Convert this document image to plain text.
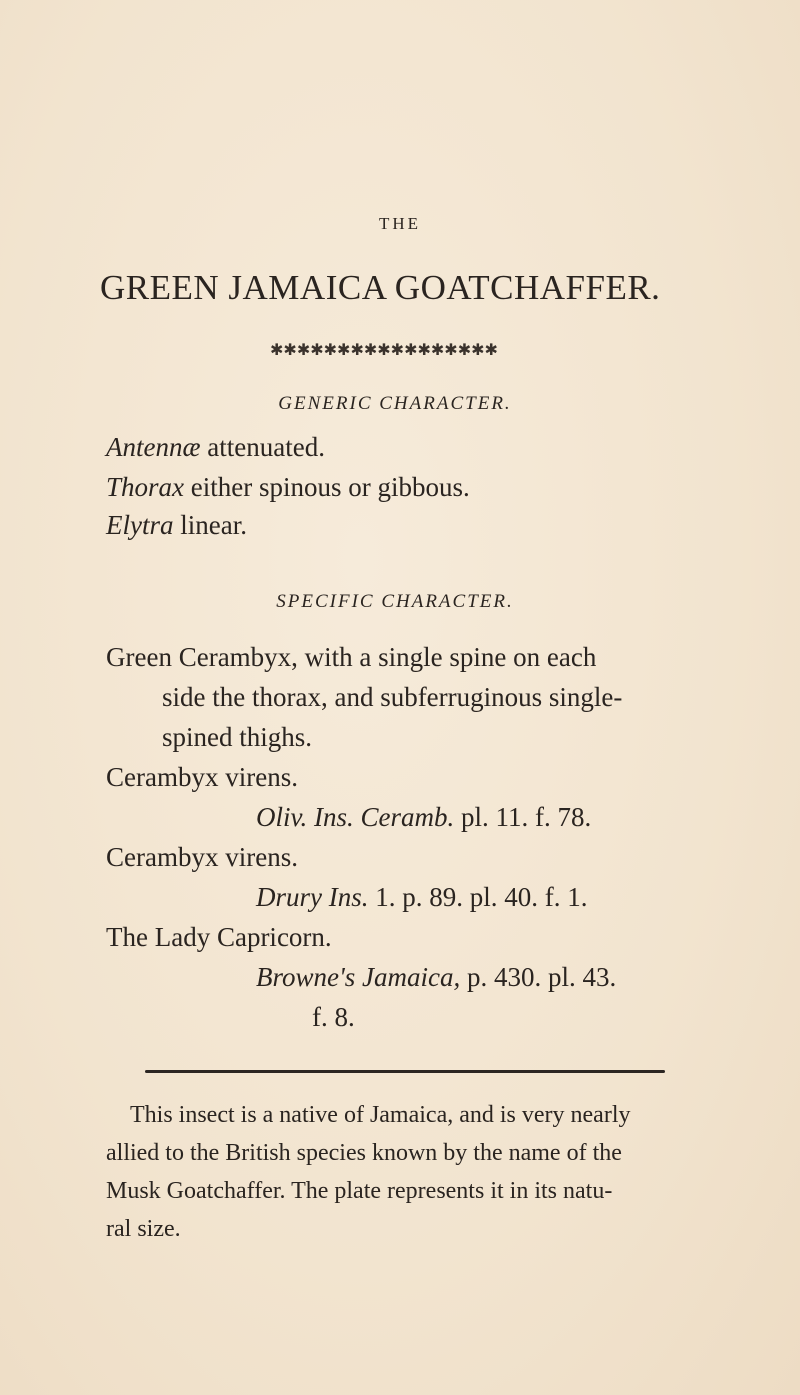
THE
GREEN JAMAICA GOATCHAFFER.
✱✱✱✱✱✱✱✱✱✱✱✱✱✱✱✱✱
GENERIC CHARACTER.
Antennæ attenuated.
Thorax either spinous or gibbous.
Elytra linear.
SPECIFIC CHARACTER.
Green Cerambyx, with a single spine on each
side the thorax, and subferruginous single-
spined thighs.
Cerambyx virens.
Oliv. Ins. Ceramb. pl. 11. f. 78.
Cerambyx virens.
Drury Ins. 1. p. 89. pl. 40. f. 1.
The Lady Capricorn.
Browne's Jamaica, p. 430. pl. 43.
f. 8.
This insect is a native of Jamaica, and is very nearly
allied to the British species known by the name of the
Musk Goatchaffer. The plate represents it in its natu-
ral size.
